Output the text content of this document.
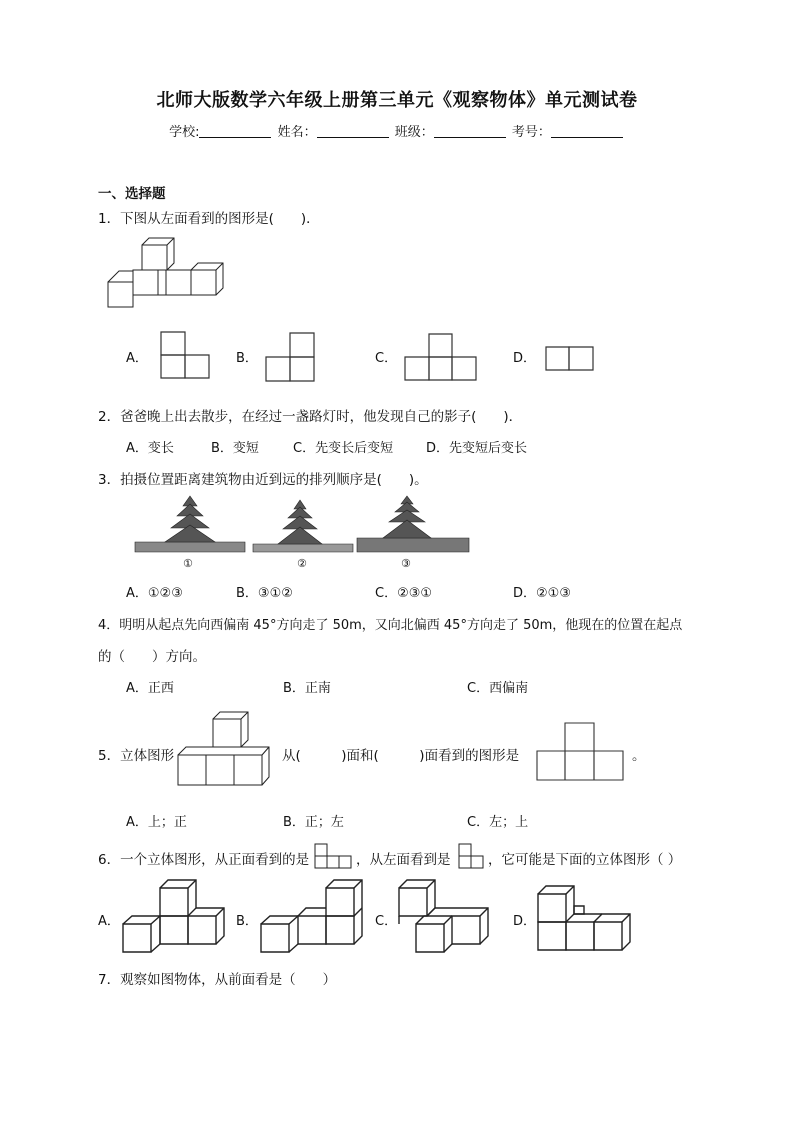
北师大版数学六年级上册第三单元《观察物体》单元测试卷
学校:	姓名：	班级：	考号：
一、选择题
1．下图从左面看到的图形是(　　)．
A．	B．	C．	D．
2．爸爸晚上出去散步，在经过一盏路灯时，他发现自己的影子(　　)．
A．变长	B．变短	C．先变长后变短	D．先变短后变长
3．拍摄位置距离建筑物由近到远的排列顺序是(　　)。
①	②	③
A．①②③	B．③①②	C．②③①	D．②①③
4．明明从起点先向西偏南 45°方向走了 50m，又向北偏西 45°方向走了 50m，他现在的位置在起点
的（　　）方向。
A．正西	B．正南	C．西偏南
5．立体图形	从(　　　)面和(　　　)面看到的图形是	。
A．上；正	B．正；左	C．左；上
6．一个立体图形，从正面看到的是	，从左面看到是	，它可能是下面的立体图形（ ）
A．	B．	C．	D．
7．观察如图物体，从前面看是（　　）
